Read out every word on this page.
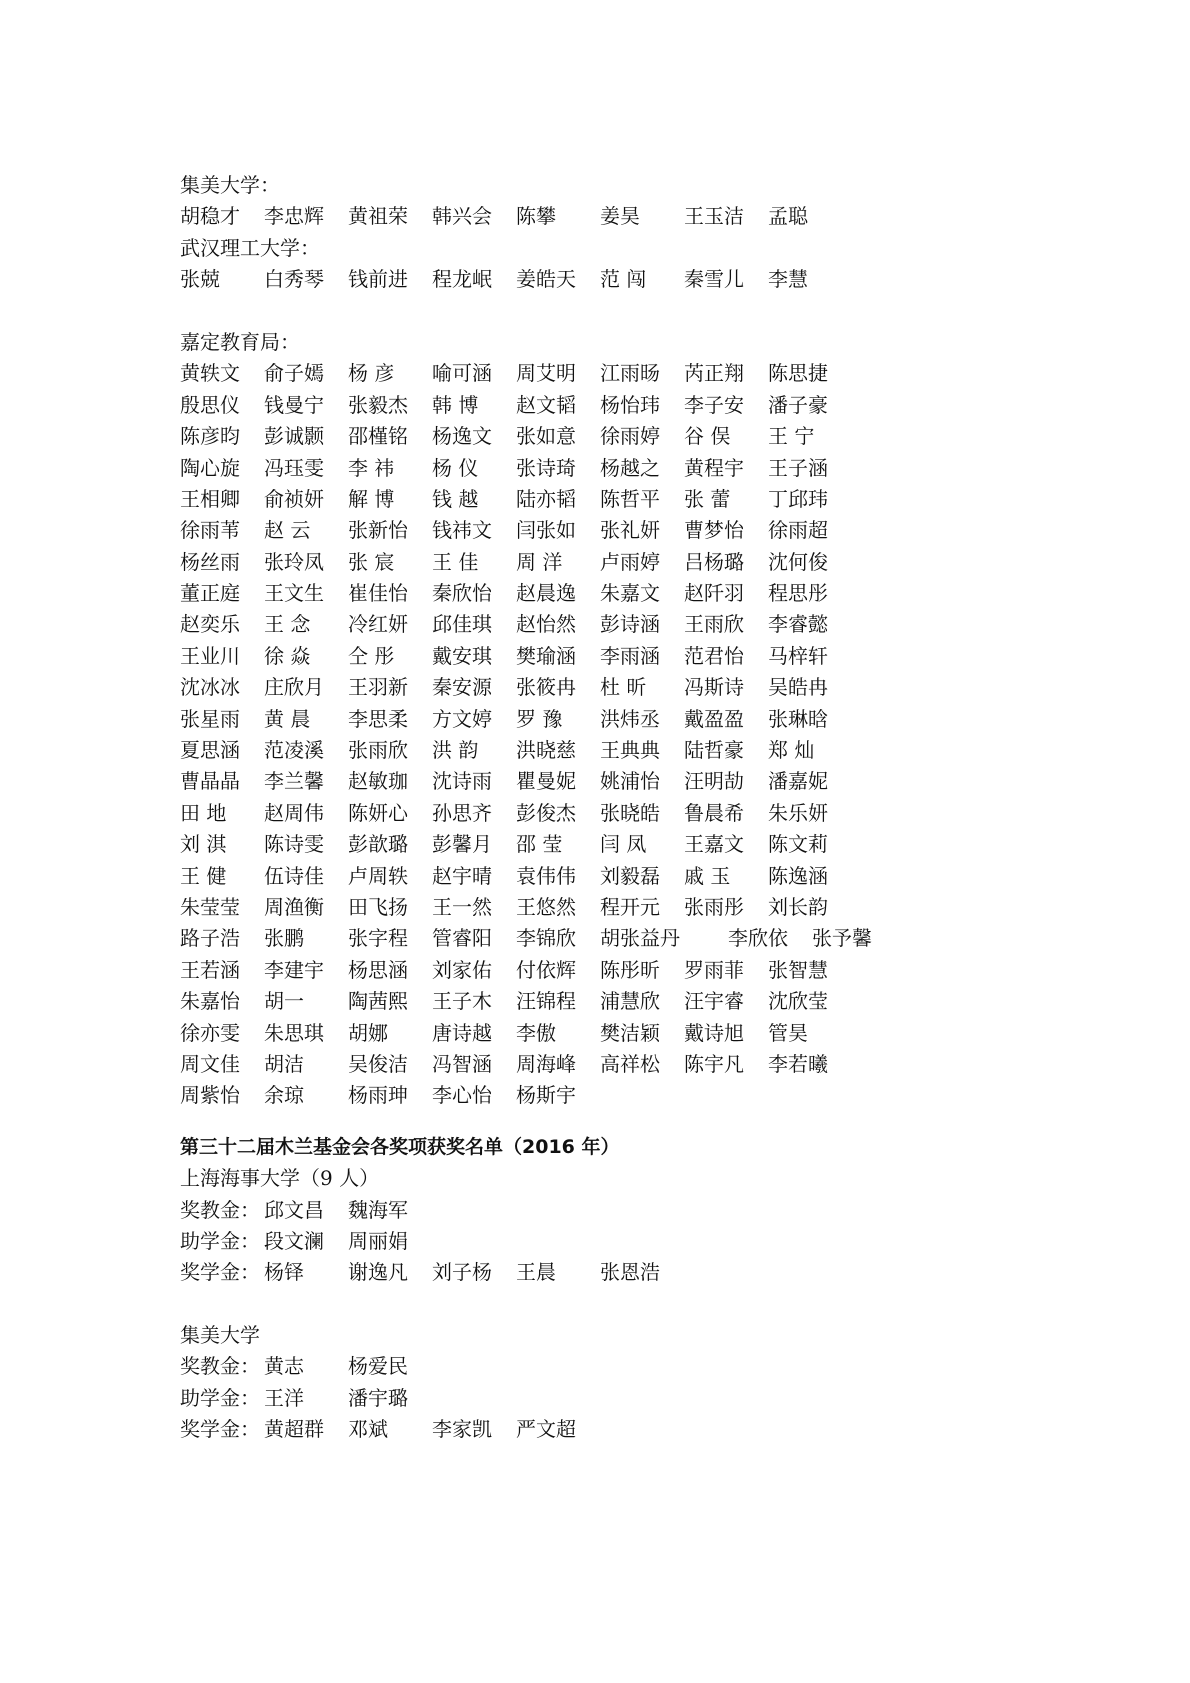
集美大学：
胡稳才 李忠辉 黄祖荣 韩兴会 陈攀 姜昊 王玉洁 孟聪
武汉理工大学：
张兢 白秀琴 钱前进 程龙岷 姜皓天 范 闯 秦雪儿 李慧
嘉定教育局：
黄轶文 俞子嫣 杨 彦 喻可涵 周艾明 江雨旸 芮正翔 陈思捷
殷思仪 钱曼宁 张毅杰 韩 博 赵文韬 杨怡玮 李子安 潘子豪
陈彦昀 彭诚颢 邵槿铭 杨逸文 张如意 徐雨婷 谷 俣 王 宁
陶心旋 冯珏雯 李 祎 杨 仪 张诗琦 杨越之 黄程宇 王子涵
王相卿 俞祯妍 解 博 钱 越 陆亦韬 陈哲平 张 蕾 丁邱玮
徐雨苇 赵 云 张新怡 钱祎文 闫张如 张礼妍 曹梦怡 徐雨超
杨丝雨 张玲凤 张 宸 王 佳 周 洋 卢雨婷 吕杨璐 沈何俊
董正庭 王文生 崔佳怡 秦欣怡 赵晨逸 朱嘉文 赵阡羽 程思彤
赵奕乐 王 念 冷红妍 邱佳琪 赵怡然 彭诗涵 王雨欣 李睿懿
王业川 徐 焱 仝 彤 戴安琪 樊瑜涵 李雨涵 范君怡 马梓轩
沈冰冰 庄欣月 王羽新 秦安源 张筱冉 杜 昕 冯斯诗 吴皓冉
张星雨 黄 晨 李思柔 方文婷 罗 豫 洪炜丞 戴盈盈 张琳晗
夏思涵 范凌溪 张雨欣 洪 韵 洪晓慈 王典典 陆哲豪 郑 灿
曹晶晶 李兰馨 赵敏珈 沈诗雨 瞿曼妮 姚浦怡 汪明劼 潘嘉妮
田 地 赵周伟 陈妍心 孙思齐 彭俊杰 张晓皓 鲁晨希 朱乐妍
刘 淇 陈诗雯 彭歆璐 彭馨月 邵 莹 闫 凤 王嘉文 陈文莉
王 健 伍诗佳 卢周轶 赵宇晴 袁伟伟 刘毅磊 戚 玉 陈逸涵
朱莹莹 周渔衡 田飞扬 王一然 王悠然 程开元 张雨彤 刘长韵
路子浩 张鹏 张字程 管睿阳 李锦欣 胡张益丹 李欣依 张予馨
王若涵 李建宇 杨思涵 刘家佑 付依辉 陈彤昕 罗雨菲 张智慧
朱嘉怡 胡一 陶茜熙 王子木 汪锦程 浦慧欣 汪宇睿 沈欣莹
徐亦雯 朱思琪 胡娜 唐诗越 李傲 樊洁颖 戴诗旭 管昊
周文佳 胡洁 吴俊洁 冯智涵 周海峰 高祥松 陈宇凡 李若曦
周紫怡 余琼 杨雨珅 李心怡 杨斯宇
第三十二届木兰基金会各奖项获奖名单（2016 年）
上海海事大学（9 人）
奖教金： 邱文昌 魏海军
助学金： 段文澜 周丽娟
奖学金： 杨铎 谢逸凡 刘子杨 王晨 张恩浩
集美大学
奖教金： 黄志 杨爱民
助学金： 王洋 潘宇璐
奖学金： 黄超群 邓斌 李家凯 严文超
